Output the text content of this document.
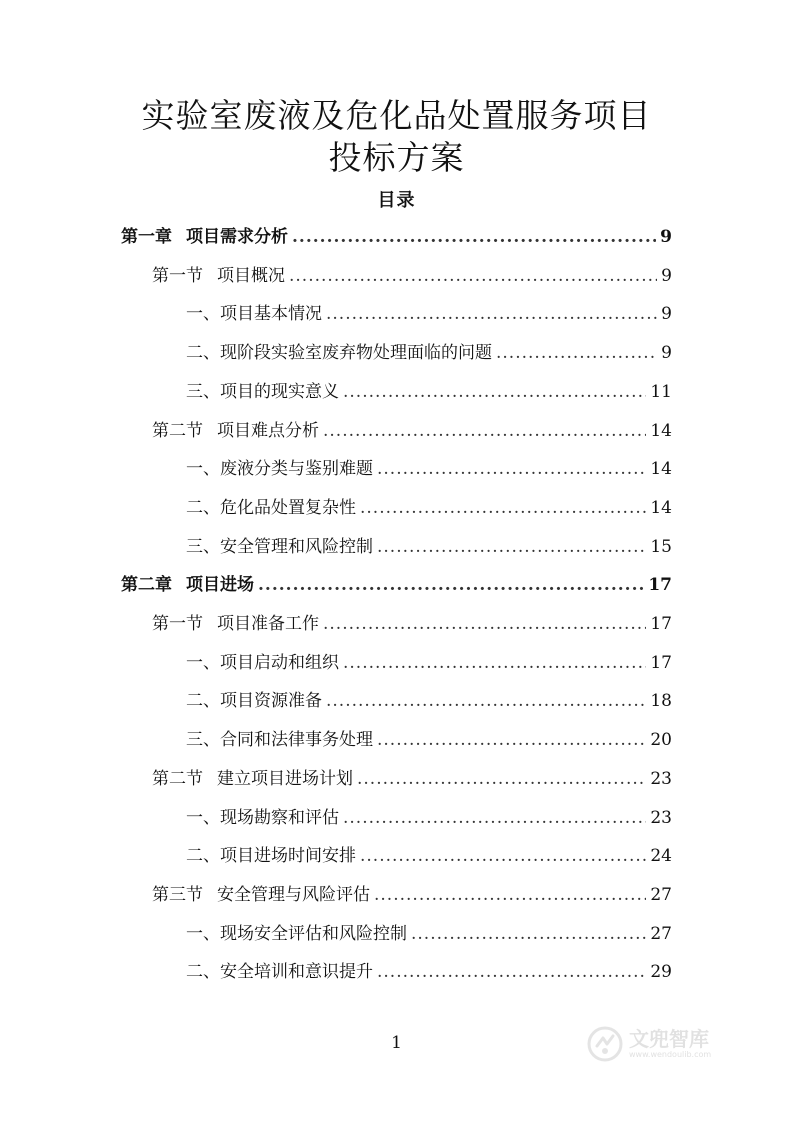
实验室废液及危化品处置服务项目
投标方案
目录
第一章 项目需求分析 .....	9
第一节 项目概况 .....	9
一、 项目基本情况 .....	9
二、 现阶段实验室废弃物处理面临的问题 .....	9
三、 项目的现实意义 .....	11
第二节 项目难点分析 .....	14
一、 废液分类与鉴别难题 .....	14
二、 危化品处置复杂性 .....	14
三、 安全管理和风险控制 .....	15
第二章 项目进场 .....	17
第一节 项目准备工作 .....	17
一、 项目启动和组织 .....	17
二、 项目资源准备 .....	18
三、 合同和法律事务处理 .....	20
第二节 建立项目进场计划 .....	23
一、 现场勘察和评估 .....	23
二、 项目进场时间安排 .....	24
第三节 安全管理与风险评估 .....	27
一、 现场安全评估和风险控制 .....	27
二、 安全培训和意识提升 .....	29
1	文兜智库
www.wendoulib.com
